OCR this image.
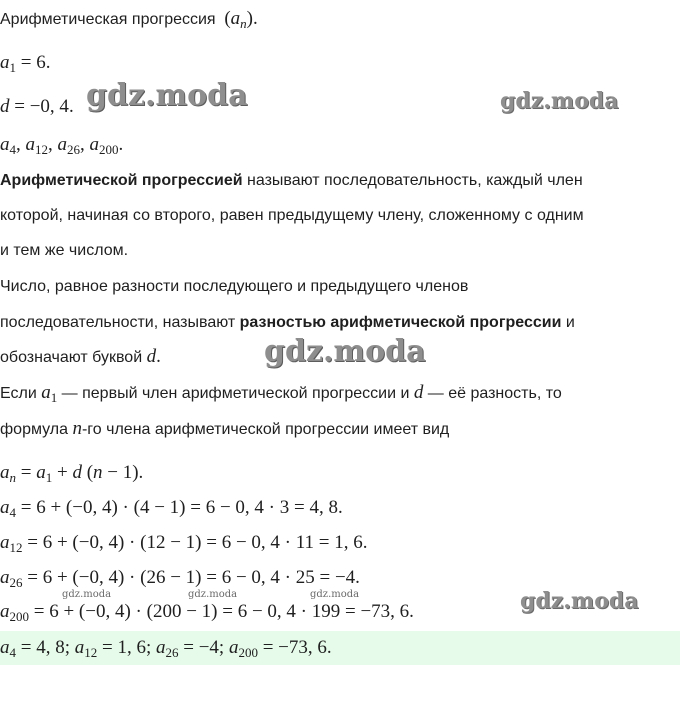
Арифметическая прогрессия  $(a_n)$.
$a_1 = 6$.
d = −0, 4.
$a_4$, $a_{12}$, $a_{26}$, $a_{200}$.
Арифметической прогрессией называют последовательность, каждый член
которой, начиная со второго, равен предыдущему члену, сложенному с одним
и тем же числом.
Число, равное разности последующего и предыдущего членов
последовательности, называют разностью арифметической прогрессии и
обозначают буквой d.
Если $a_1$ — первый член арифметической прогрессии и d — её разность, то
формула n-го члена арифметической прогрессии имеет вид
$a_n = a_1 + d$ (n − 1).
$a_4 = 6 + (-0$, 4) · (4 − 1) = 6 − 0, 4 · 3 = 4, 8.
$a_{12} = 6 + (-0$, 4) · (12 − 1) = 6 − 0, 4 · 11 = 1, 6.
$a_{26} = 6 + (-0$, 4) · (26 − 1) = 6 − 0, 4 · 25 = −4.
$a_{200} = 6 + (-0$, 4) · (200 − 1) = 6 − 0, 4 · 199 = −73, 6.
$a_4 = 4$, 8; $a_{12} = 1$, 6; $a_{26} = -4$; $a_{200} = -73$, 6.
gdz.moda	gdz.moda
gdz.moda
gdz.moda
gdz.moda	gdz.moda	gdz.moda
